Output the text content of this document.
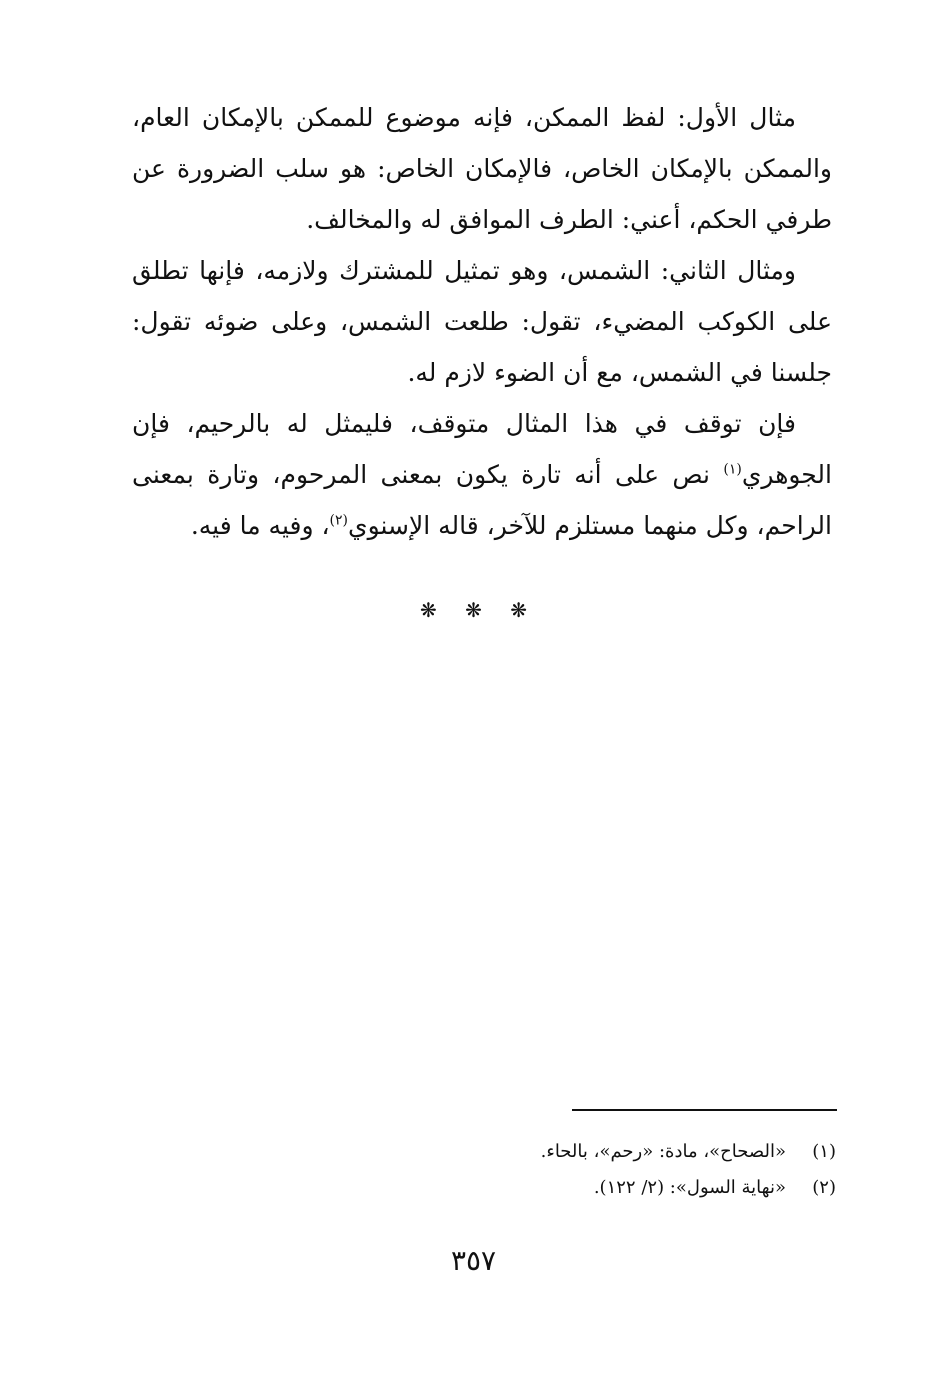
مثال الأول: لفظ الممكن، فإنه موضوع للممكن بالإمكان العام، والممكن بالإمكان الخاص، فالإمكان الخاص: هو سلب الضرورة عن طرفي الحكم، أعني: الطرف الموافق له والمخالف.

ومثال الثاني: الشمس، وهو تمثيل للمشترك ولازمه، فإنها تطلق على الكوكب المضيء، تقول: طلعت الشمس، وعلى ضوئه تقول: جلسنا في الشمس، مع أن الضوء لازم له.

فإن توقف في هذا المثال متوقف، فليمثل له بالرحيم، فإن الجوهري$^{(١)}$ نص على أنه تارة يكون بمعنى المرحوم، وتارة بمعنى الراحم، وكل منهما مستلزم للآخر، قاله الإسنوي$^{(٢)}$، وفيه ما فيه.

❋ ❋ ❋
(١)
«الصحاح»، مادة: «رحم»، بالحاء.
(٢)
«نهاية السول»: (٢/ ١٢٢).
٣٥٧
